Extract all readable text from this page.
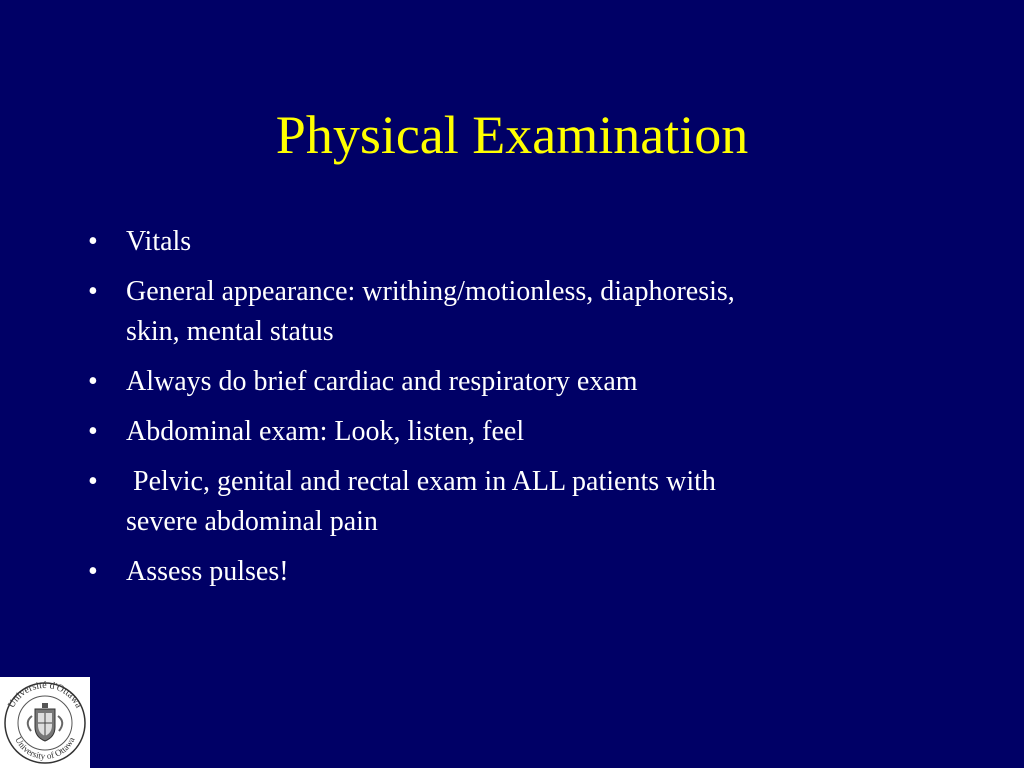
Physical Examination
• Vitals
• General appearance: writhing/motionless, diaphoresis,
skin, mental status
• Always do brief cardiac and respiratory exam
• Abdominal exam: Look, listen, feel
• Pelvic, genital and rectal exam in ALL patients with
severe abdominal pain
• Assess pulses!
Université d'Ottawa
University of Ottawa
